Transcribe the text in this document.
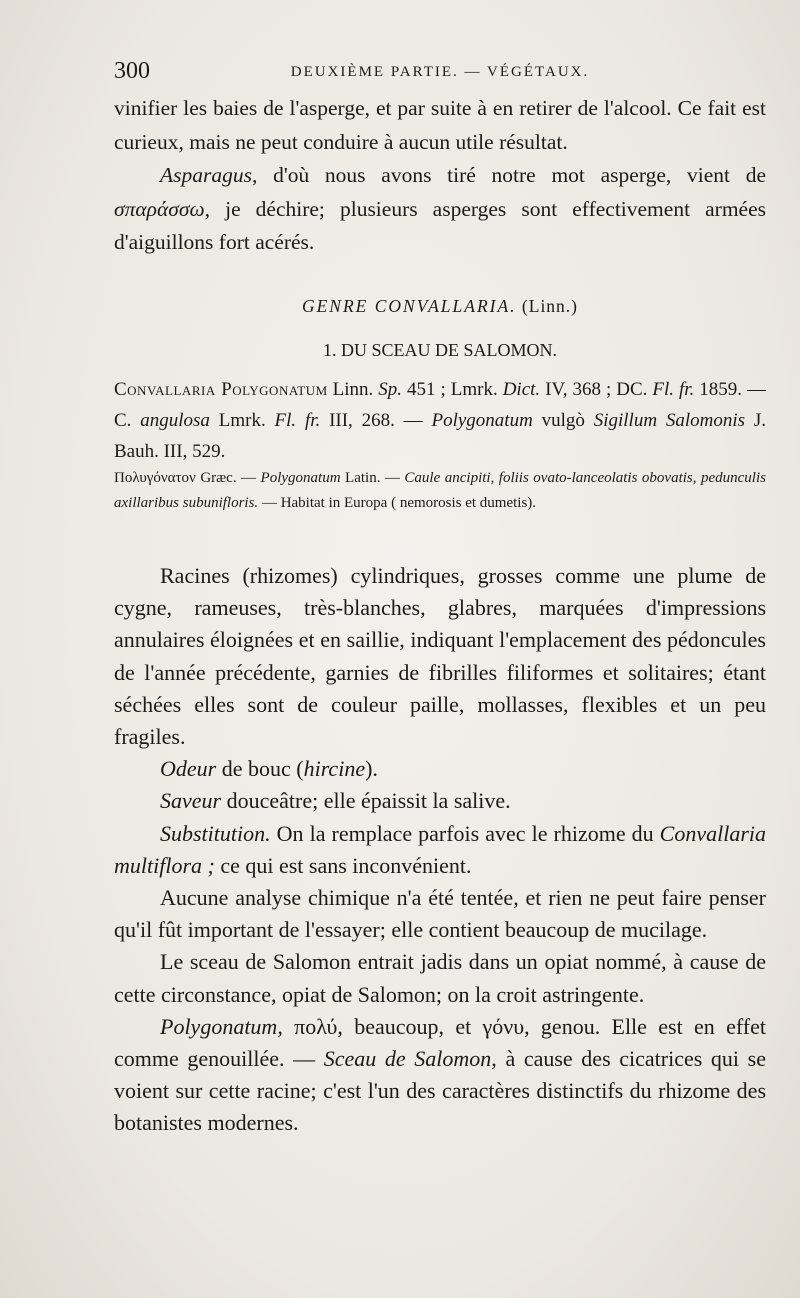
300	DEUXIÈME PARTIE. — VÉGÉTAUX.

vinifier les baies de l'asperge, et par suite à en retirer de l'alcool. Ce fait est curieux, mais ne peut conduire à aucun utile résultat.

Asparagus, d'où nous avons tiré notre mot asperge, vient de σπαράσσω, je déchire; plusieurs asperges sont effectivement armées d'aiguillons fort acérés.

GENRE CONVALLARIA. (Linn.)

1. DU SCEAU DE SALOMON.

Convallaria Polygonatum Linn. Sp. 451 ; Lmrk. Dict. IV, 368 ; DC. Fl. fr. 1859. — C. angulosa Lmrk. Fl. fr. III, 268. — Polygonatum vulgò Sigillum Salomonis J. Bauh. III, 529.

Πολυγόνατον Græc. — Polygonatum Latin. — Caule ancipiti, foliis ovato-lanceolatis obovatis, pedunculis axillaribus subunifloris. — Habitat in Europa ( nemorosis et dumetis).

Racines (rhizomes) cylindriques, grosses comme une plume de cygne, rameuses, très-blanches, glabres, marquées d'impressions annulaires éloignées et en saillie, indiquant l'emplacement des pédoncules de l'année précédente, garnies de fibrilles filiformes et solitaires; étant séchées elles sont de couleur paille, mollasses, flexibles et un peu fragiles.

Odeur de bouc (hircine).

Saveur douceâtre; elle épaissit la salive.

Substitution. On la remplace parfois avec le rhizome du Convallaria multiflora ; ce qui est sans inconvénient.

Aucune analyse chimique n'a été tentée, et rien ne peut faire penser qu'il fût important de l'essayer; elle contient beaucoup de mucilage.

Le sceau de Salomon entrait jadis dans un opiat nommé, à cause de cette circonstance, opiat de Salomon; on la croit astringente.

Polygonatum, πολύ, beaucoup, et γόνυ, genou. Elle est en effet comme genouillée. — Sceau de Salomon, à cause des cicatrices qui se voient sur cette racine; c'est l'un des caractères distinctifs du rhizome des botanistes modernes.
